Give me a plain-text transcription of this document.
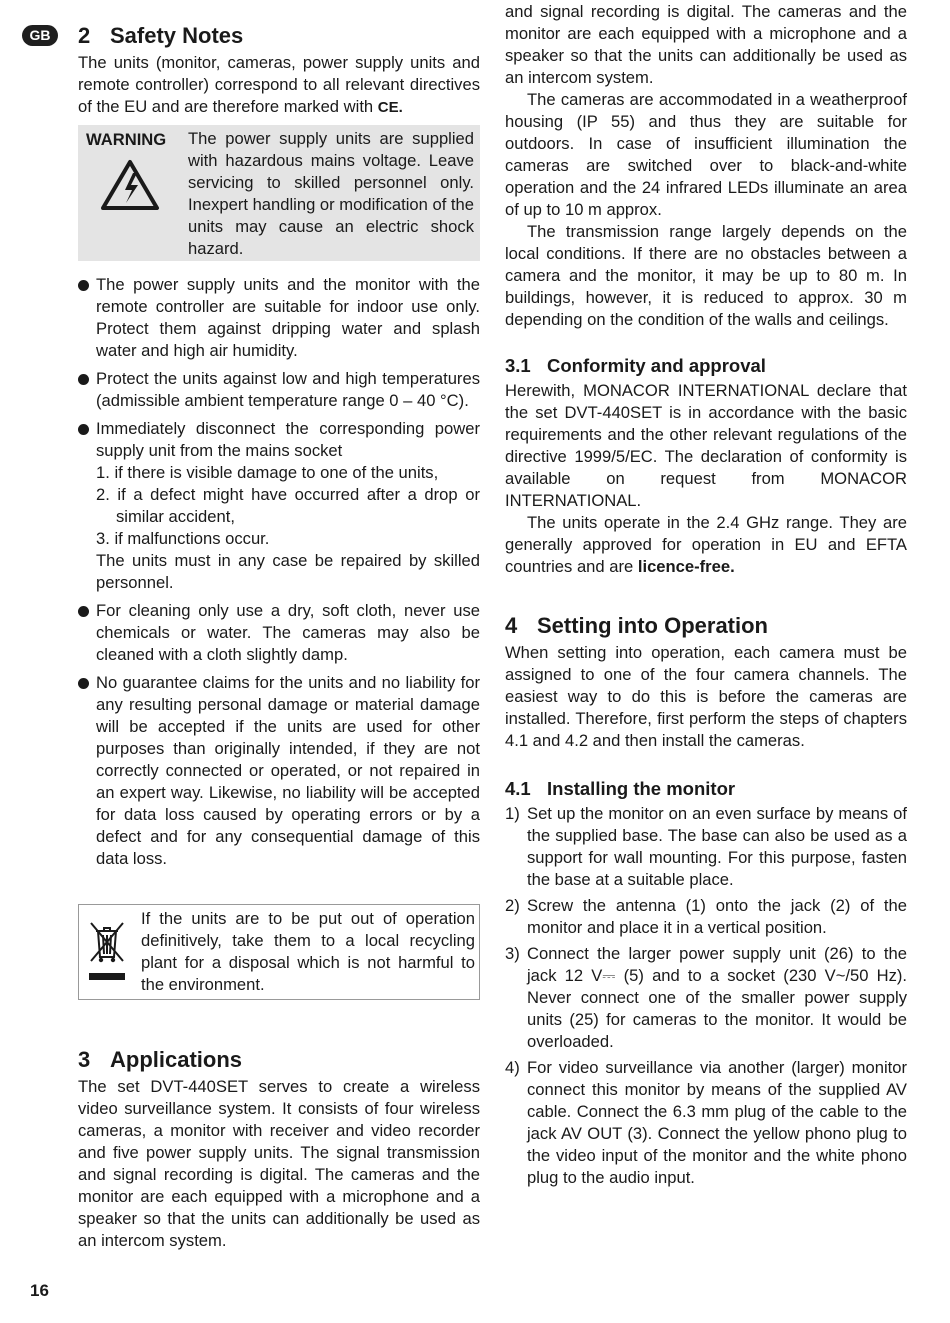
GB	2 Safety Notes

The units (monitor, cameras, power supply units and remote controller) correspond to all relevant directives of the EU and are therefore marked with CE.

WARNING The power supply units are supplied with hazardous mains voltage. Leave servicing to skilled personnel only. Inexpert handling or modification of the units may cause an electric shock hazard.

The power supply units and the monitor with the remote controller are suitable for indoor use only. Protect them against dripping water and splash water and high air humidity.
Protect the units against low and high temperatures (admissible ambient temperature range 0 – 40 °C).
Immediately disconnect the corresponding power supply unit from the mains socket
1. if there is visible damage to one of the units,
2. if a defect might have occurred after a drop or similar accident,
3. if malfunctions occur.
The units must in any case be repaired by skilled personnel.
For cleaning only use a dry, soft cloth, never use chemicals or water. The cameras may also be cleaned with a cloth slightly damp.
No guarantee claims for the units and no liability for any resulting personal damage or material damage will be accepted if the units are used for other purposes than originally intended, if they are not correctly connected or operated, or not repaired in an expert way. Likewise, no liability will be accepted for data loss caused by operating errors or by a defect and for any consequential damage of this data loss.

If the units are to be put out of operation definitively, take them to a local recycling plant for a disposal which is not harmful to the environment.

3 Applications

The set DVT-440SET serves to create a wireless video surveillance system. It consists of four wireless cameras, a monitor with receiver and video recorder and five power supply units. The signal transmission and signal recording is digital. The cameras and the monitor are each equipped with a microphone and a speaker so that the units can additionally be used as an intercom system.

and signal recording is digital. The cameras and the monitor are each equipped with a microphone and a speaker so that the units can additionally be used as an intercom system.

The cameras are accommodated in a weatherproof housing (IP 55) and thus they are suitable for outdoors. In case of insufficient illumination the cameras are switched over to black-and-white operation and the 24 infrared LEDs illuminate an area of up to 10 m approx.

The transmission range largely depends on the local conditions. If there are no obstacles between a camera and the monitor, it may be up to 80 m. In buildings, however, it is reduced to approx. 30 m depending on the condition of the walls and ceilings.

3.1 Conformity and approval

Herewith, MONACOR INTERNATIONAL declare that the set DVT-440SET is in accordance with the basic requirements and the other relevant regulations of the directive 1999/5/EC. The declaration of conformity is available on request from MONACOR INTERNATIONAL.

The units operate in the 2.4 GHz range. They are generally approved for operation in EU and EFTA countries and are licence-free.

4 Setting into Operation

When setting into operation, each camera must be assigned to one of the four camera channels. The easiest way to do this is before the cameras are installed. Therefore, first perform the steps of chapters 4.1 and 4.2 and then install the cameras.

4.1 Installing the monitor
1) Set up the monitor on an even surface by means of the supplied base. The base can also be used as a support for wall mounting. For this purpose, fasten the base at a suitable place.
2) Screw the antenna (1) onto the jack (2) of the monitor and place it in a vertical position.
3) Connect the larger power supply unit (26) to the jack 12 V⎓ (5) and to a socket (230 V~/50 Hz). Never connect one of the smaller power supply units (25) for cameras to the monitor. It would be overloaded.
4) For video surveillance via another (larger) monitor connect this monitor by means of the supplied AV cable. Connect the 6.3 mm plug of the cable to the jack AV OUT (3). Connect the yellow phono plug to the video input of the monitor and the white phono plug to the audio input.
16
